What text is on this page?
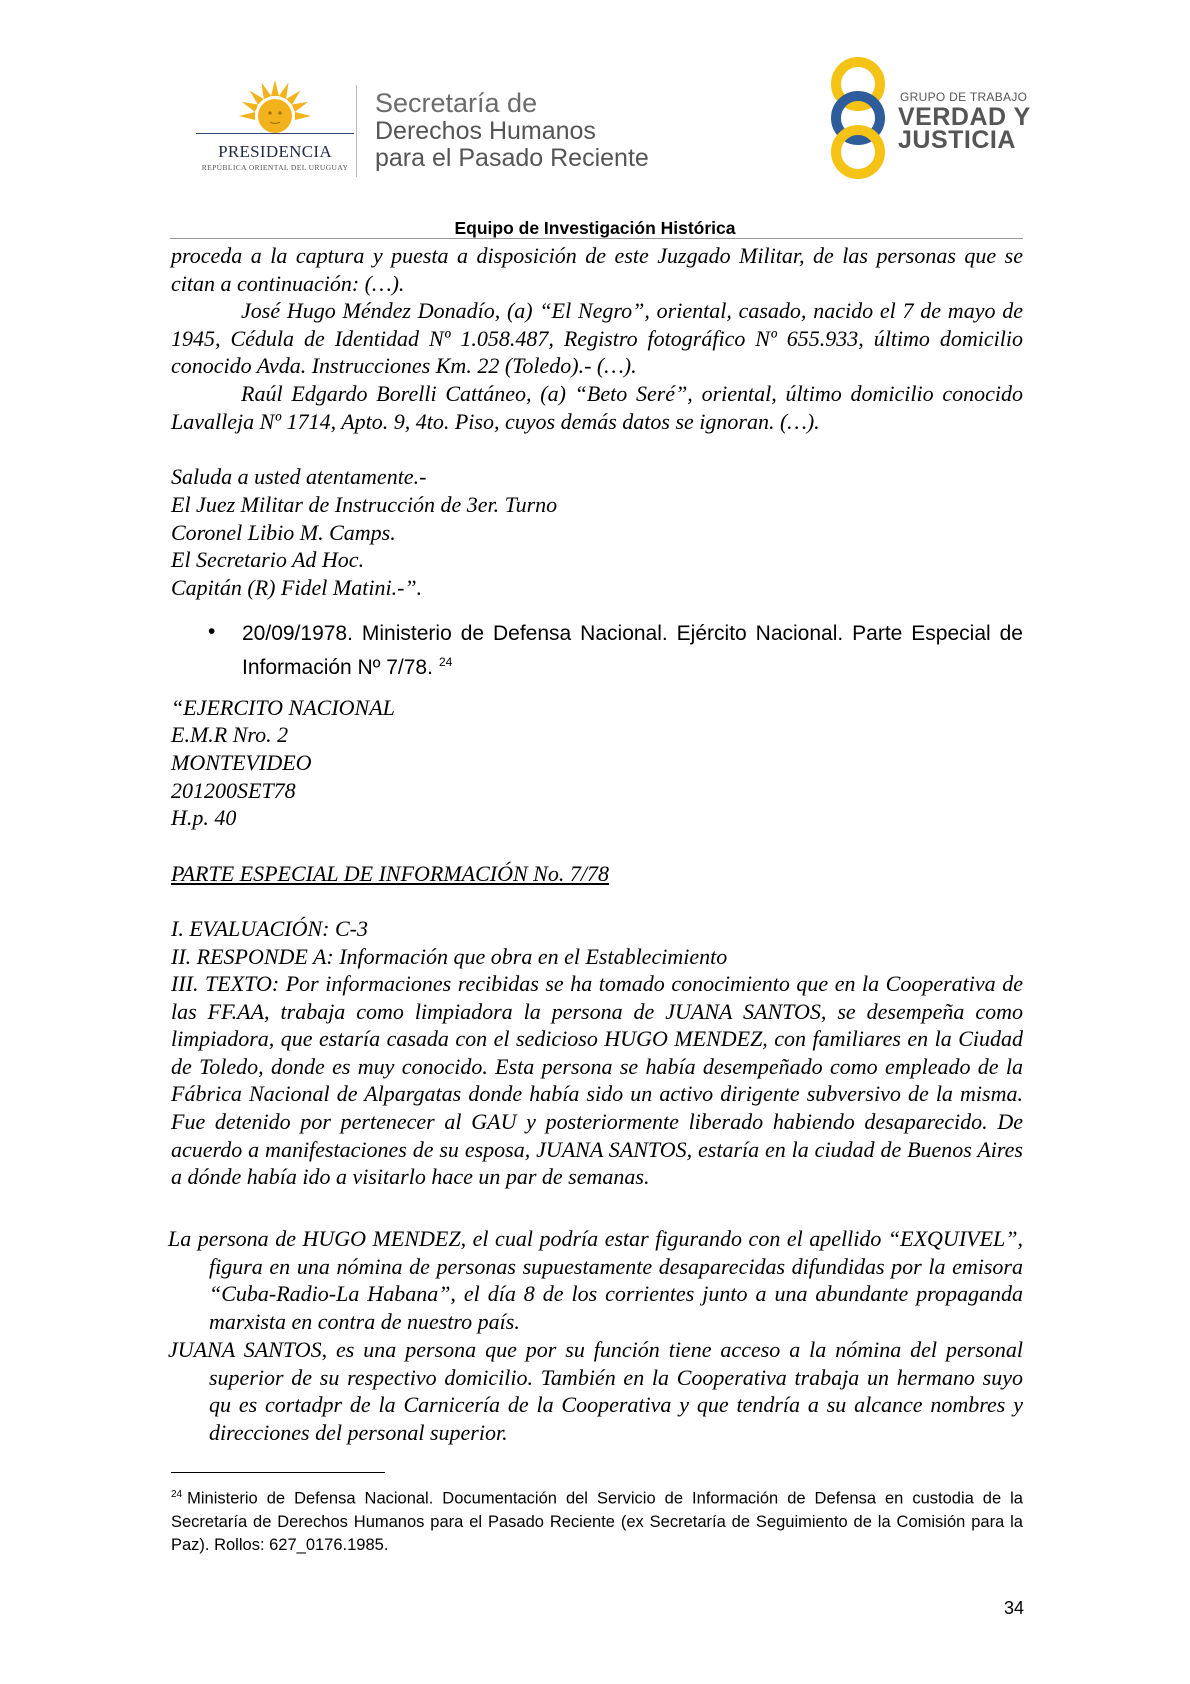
PRESIDENCIA
REPÚBLICA ORIENTAL DEL URUGUAY
Secretaría de
Derechos Humanos
para el Pasado Reciente
GRUPO DE TRABAJO
VERDAD Y
JUSTICIA
Equipo de Investigación Histórica
proceda a la captura y puesta a disposición de este Juzgado Militar, de las personas que se citan a continuación: (…).
José Hugo Méndez Donadío, (a) “El Negro”, oriental, casado, nacido el 7 de mayo de 1945, Cédula de Identidad Nº 1.058.487, Registro fotográfico Nº 655.933, último domicilio conocido Avda. Instrucciones Km. 22 (Toledo).- (…).
Raúl Edgardo Borelli Cattáneo, (a) “Beto Seré”, oriental, último domicilio conocido Lavalleja Nº 1714, Apto. 9, 4to. Piso, cuyos demás datos se ignoran. (…).
Saluda a usted atentamente.-
El Juez Militar de Instrucción de 3er. Turno
Coronel Libio M. Camps.
El Secretario Ad Hoc.
Capitán (R) Fidel Matini.-”.
• 20/09/1978. Ministerio de Defensa Nacional. Ejército Nacional. Parte Especial de Información Nº 7/78. $^{24}$
“EJERCITO NACIONAL
E.M.R Nro. 2
MONTEVIDEO
201200SET78
H.p. 40
PARTE ESPECIAL DE INFORMACIÓN No. 7/78
I. EVALUACIÓN: C-3
II. RESPONDE A: Información que obra en el Establecimiento
III. TEXTO: Por informaciones recibidas se ha tomado conocimiento que en la Cooperativa de las FF.AA, trabaja como limpiadora la persona de JUANA SANTOS, se desempeña como limpiadora, que estaría casada con el sedicioso HUGO MENDEZ, con familiares en la Ciudad de Toledo, donde es muy conocido. Esta persona se había desempeñado como empleado de la Fábrica Nacional de Alpargatas donde había sido un activo dirigente subversivo de la misma. Fue detenido por pertenecer al GAU y posteriormente liberado habiendo desaparecido. De acuerdo a manifestaciones de su esposa, JUANA SANTOS, estaría en la ciudad de Buenos Aires a dónde había ido a visitarlo hace un par de semanas.
La persona de HUGO MENDEZ, el cual podría estar figurando con el apellido “EXQUIVEL”, figura en una nómina de personas supuestamente desaparecidas difundidas por la emisora “Cuba-Radio-La Habana”, el día 8 de los corrientes junto a una abundante propaganda marxista en contra de nuestro país.
JUANA SANTOS, es una persona que por su función tiene acceso a la nómina del personal superior de su respectivo domicilio. También en la Cooperativa trabaja un hermano suyo qu es cortadpr de la Carnicería de la Cooperativa y que tendría a su alcance nombres y direcciones del personal superior.
$^{24}$ Ministerio de Defensa Nacional. Documentación del Servicio de Información de Defensa en custodia de la Secretaría de Derechos Humanos para el Pasado Reciente (ex Secretaría de Seguimiento de la Comisión para la Paz). Rollos: 627_0176.1985.
34
